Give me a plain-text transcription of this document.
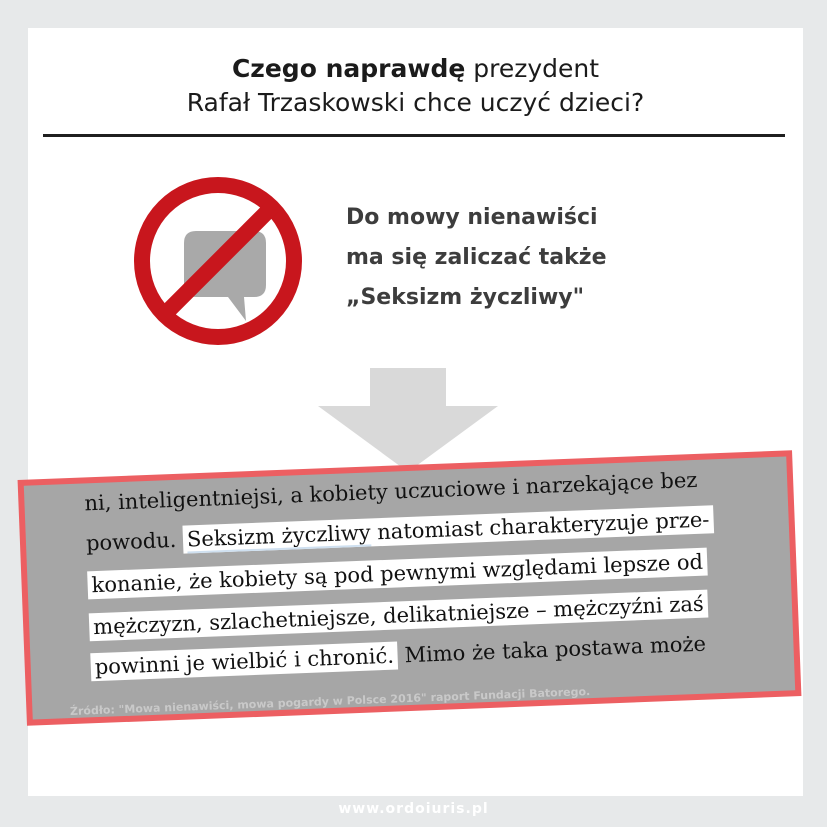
Czego naprawdę prezydent
Rafał Trzaskowski chce uczyć dzieci?
Do mowy nienawiści
ma się zaliczać także
„Seksizm życzliwy"
ni, inteligentniejsi, a kobiety uczuciowe i narzekające bez
powodu. Seksizm życzliwy natomiast charakteryzuje prze-
konanie, że kobiety są pod pewnymi względami lepsze od
mężczyzn, szlachetniejsze, delikatniejsze – mężczyźni zaś
powinni je wielbić i chronić. Mimo że taka postawa może
Źródło: "Mowa nienawiści, mowa pogardy w Polsce 2016" raport Fundacji Batorego.
www.ordoiuris.pl
